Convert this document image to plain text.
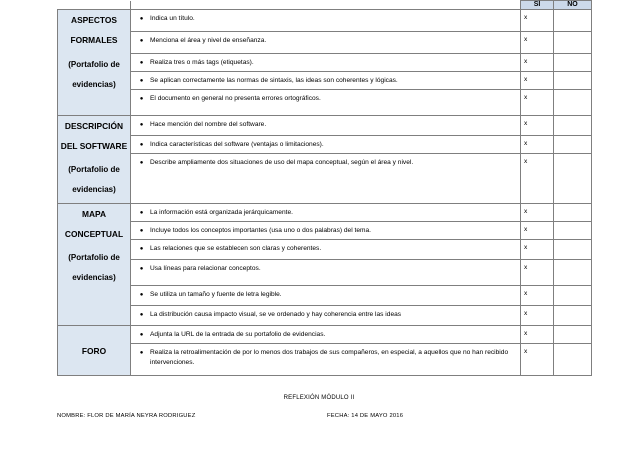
		SÍ	NO

ASPECTOS FORMALES
(Portafolio de evidencias)	● Indica un título.	x	

	● Menciona el área y nivel de enseñanza.	x	

	● Realiza tres o más tags (etiquetas).	x	

	● Se aplican correctamente las normas de sintaxis, las ideas son coherentes y lógicas.	x	

	● El documento en general no presenta errores ortográficos.	x	

DESCRIPCIÓN DEL SOFTWARE
(Portafolio de evidencias)	● Hace mención del nombre del software.	x	

	● Indica características del software (ventajas o limitaciones).	x	

	● Describe ampliamente dos situaciones de uso del mapa conceptual, según el área y nivel.	x	

MAPA CONCEPTUAL
(Portafolio de evidencias)	● La información está organizada jerárquicamente.	x	

	● Incluye todos los conceptos importantes (usa uno o dos palabras) del tema.	x	

	● Las relaciones que se establecen son claras y coherentes.	x	

	● Usa líneas para relacionar conceptos.	x	

	● Se utiliza un tamaño y fuente de letra legible.	x	

	● La distribución causa impacto visual, se ve ordenado y hay coherencia entre las ideas	x	

FORO	● Adjunta la URL de la entrada de su portafolio de evidencias.	x	

	● Realiza la retroalimentación de por lo menos dos trabajos de sus compañeros, en especial, a aquellos que no han recibido intervenciones.	x	
REFLEXIÓN MÓDULO II
NOMBRE: FLOR DE MARÍA NEYRA RODRIGUEZ	FECHA: 14 DE MAYO 2016
